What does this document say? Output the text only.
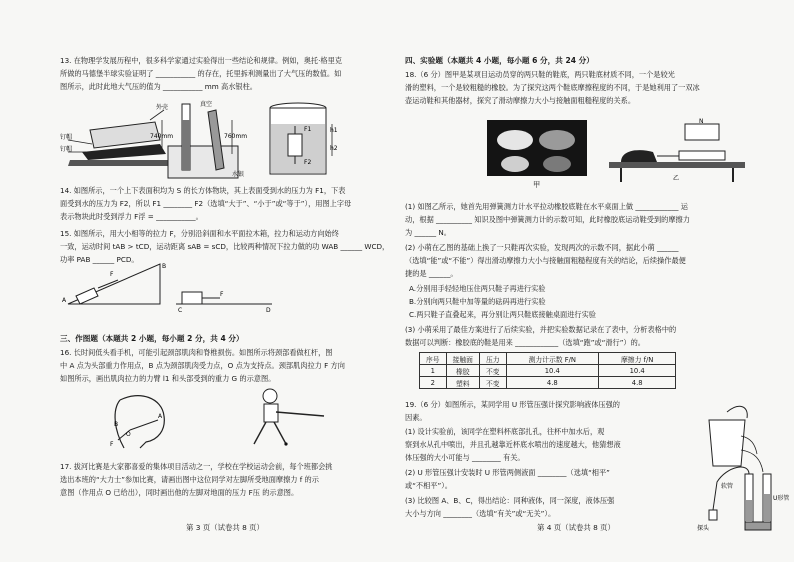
13. 在物理学发展历程中，很多科学家通过实验得出一些结论和规律。例如，奥托·格里克
所做的马德堡半球实验证明了 ___________ 的存在，托里拆利测量出了大气压的数值。如
图所示，此时此地大气压的值为 ___________ mm 高水银柱。
钉帽
钉帽
外壳	真空
740mm	760mm
水银
F1
F2
h1
h2
14. 如图所示，一个上下表面积均为 S 的长方体物块，其上表面受到水的压力为 F1，下表
面受到水的压力为 F2，所以 F1 ________ F2（选填“大于”、“小于”或“等于”），用图上字母
表示物块此时受到浮力 F浮 = ___________。
15. 如图所示，用大小相等的拉力 F，分别沿斜面和水平面拉木箱，拉力和运动方向始终
一致，运动时间 tAB > tCD，运动距离 sAB = sCD，比较两种情况下拉力做的功 WAB ______ WCD，
功率 PAB ______ PCD。
F
A
B
F
C	D
三、作图题（本题共 2 小题，每小题 2 分，共 4 分）
16. 长时间低头看手机，可能引起颈部肌肉和脊椎损伤。如图所示将颈部看做杠杆，图
中 A 点为头部重力作用点，B 点为颈部肌肉受力点，O 点为支持点。颈部肌肉拉力 F 方向
如图所示，画出肌肉拉力的力臂 l1 和头部受到的重力 G 的示意图。
O
A
B
F
17. 拔河比赛是大家都喜爱的集体项目活动之一，学校在学校运动会前，每个班都会挑
选出本班的“大力士”参加比赛，请画出图中这位同学对左脚所受地面摩擦力 f 的示
意图（作用点 O 已给出），同时画出他的左脚对地面的压力 F压 的示意图。
第 3 页（试卷共 8 页）
四、实验题（本题共 4 小题，每小题 6 分，共 24 分）
18.（6 分）图甲是某项目运动员穿的两只鞋的鞋底，两只鞋底材质不同，一个是较光
滑的塑料，一个是较粗糙的橡胶。为了探究这两个鞋底摩擦程度的不同，于是她利用了一双冰
壶运动鞋和其他器材，探究了滑动摩擦力大小与接触面粗糙程度的关系。
甲
N
乙
(1) 如图乙所示，她首先用弹簧测力计水平拉动橡胶底鞋在水平桌面上做 ____________ 运
动，根据 __________ 知识及图中弹簧测力计的示数可知，此时橡胶底运动鞋受到的摩擦力
为 ______ N。
(2) 小萌在乙图的基础上换了一只鞋再次实验，发现两次的示数不同，据此小萌 ______
（选填“能”或“不能”）得出滑动摩擦力大小与接触面粗糙程度有关的结论，后续操作最便
捷的是 ______。
A.分别用手轻轻地压住两只鞋子再进行实验
B.分别向两只鞋中加等量的砝码再进行实验
C.两只鞋子直叠起来，再分别让两只鞋底接触桌面进行实验
(3) 小萌采用了最佳方案进行了后续实验，并把实验数据记录在了表中，分析表格中的
数据可以判断：橡胶底的鞋是用来 ____________（选填“跑”或“滑行”）的。
序号	接触面	压力	测力计示数 F/N	摩擦力 f/N
1	橡胶	不变	10.4	10.4
2	塑料	不变	4.8	4.8
19.（6 分）如图所示，某同学用 U 形管压强计探究影响液体压强的
因素。
(1) 设计实验前，该同学在塑料杯底部扎孔，往杯中加水后，观
察到水从孔中喷出，并且孔越靠近杯底水喷出的速度越大，他猜想液
体压强的大小可能与 ________ 有关。
(2) U 形管压强计安装时 U 形管两侧液面 ________（选填“相平”
或“不相平”）。
(3) 比较图 A、B、C，得出结论：同种液体，同一深度，液体压强
大小与方向 ________（选填“有关”或“无关”）。
软管
探头
U形管
第 4 页（试卷共 8 页）
